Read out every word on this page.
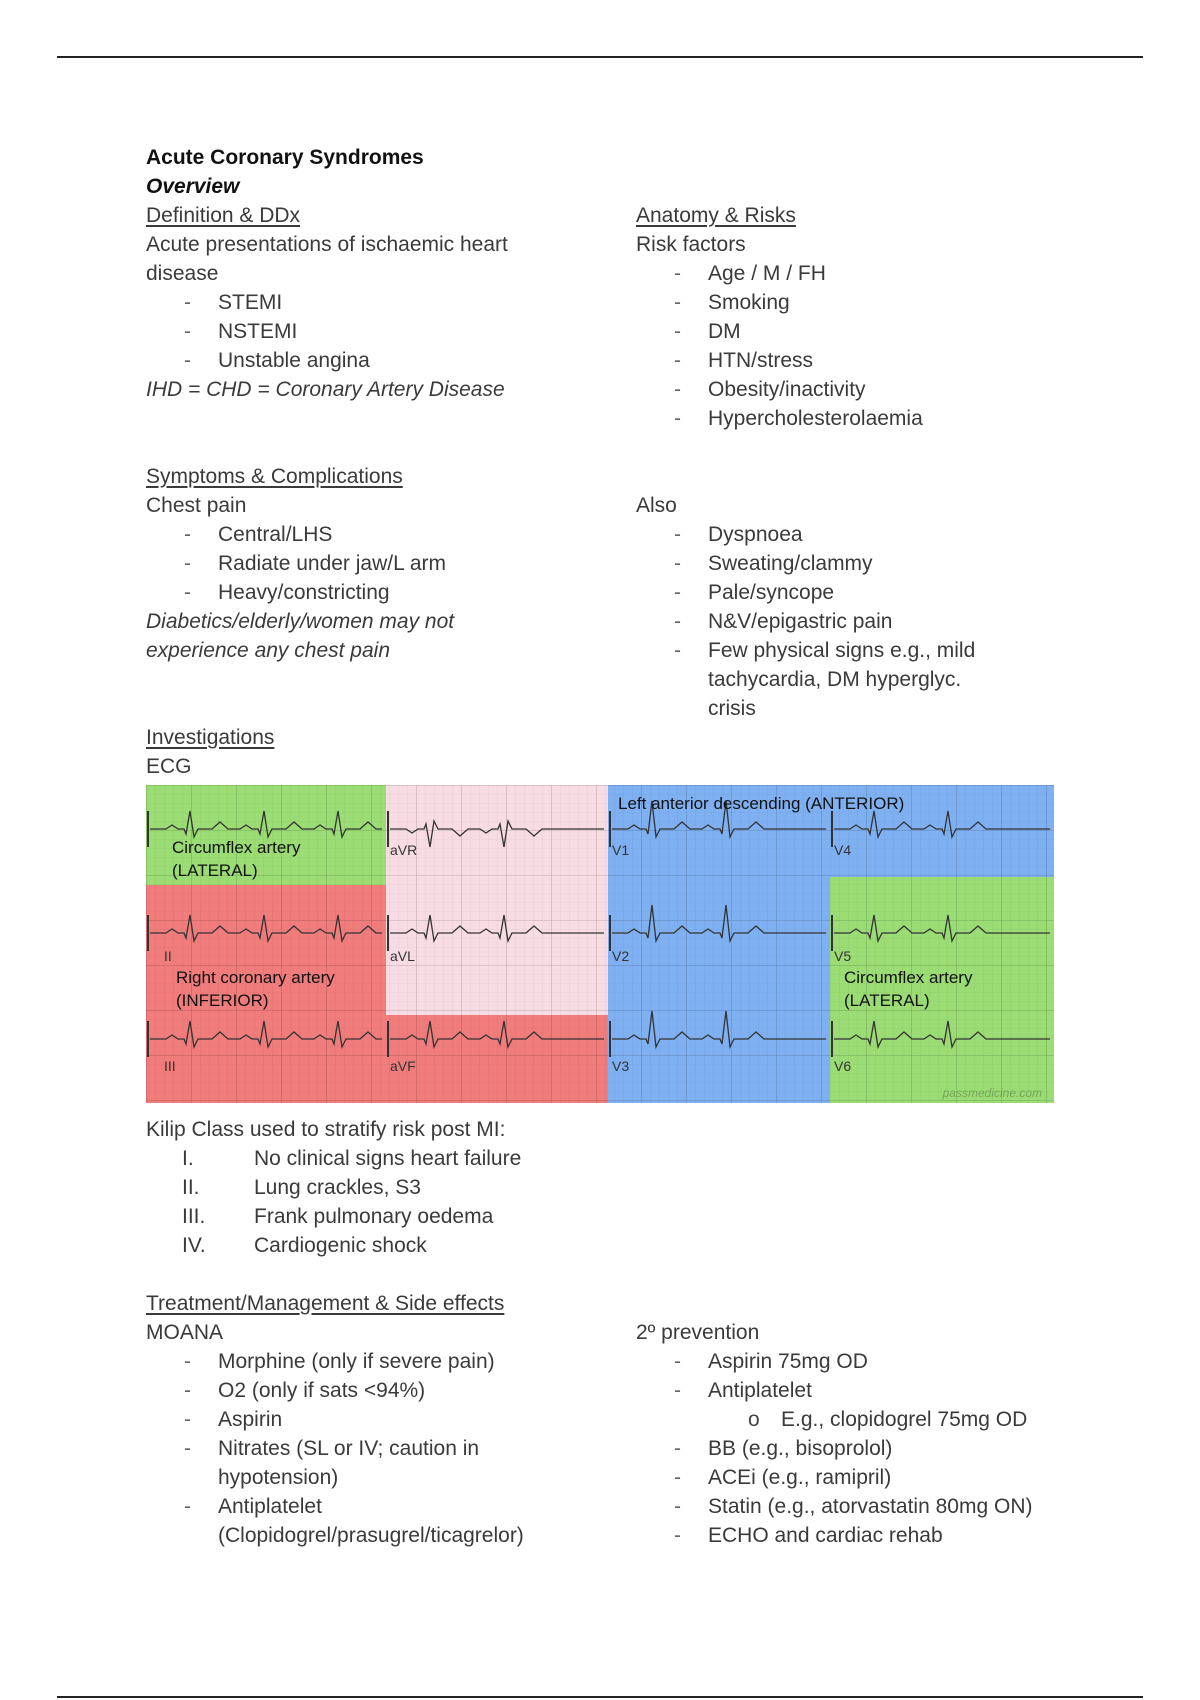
Acute Coronary Syndromes
Overview
Definition & DDx
Acute presentations of ischaemic heart disease
- STEMI
- NSTEMI
- Unstable angina
IHD = CHD = Coronary Artery Disease
Anatomy & Risks
Risk factors
- Age / M / FH
- Smoking
- DM
- HTN/stress
- Obesity/inactivity
- Hypercholesterolaemia
Symptoms & Complications
Chest pain
- Central/LHS
- Radiate under jaw/L arm
- Heavy/constricting
Diabetics/elderly/women may not experience any chest pain
Also
- Dyspnoea
- Sweating/clammy
- Pale/syncope
- N&V/epigastric pain
- Few physical signs e.g., mild tachycardia, DM hyperglyc. crisis
Investigations
ECG
Circumflex artery
(LATERAL)
Right coronary artery
(INFERIOR)
Left anterior descending (ANTERIOR)
Circumflex artery
(LATERAL)
II
III
aVR
aVL
aVF
V1
V2
V3
V4
V5
V6
passmedicine.com
Kilip Class used to stratify risk post MI:
I.	No clinical signs heart failure
II.	Lung crackles, S3
III. Frank pulmonary oedema
IV. Cardiogenic shock
Treatment/Management & Side effects
MOANA
- Morphine (only if severe pain)
- O2 (only if sats <94%)
- Aspirin
- Nitrates (SL or IV; caution in hypotension)
- Antiplatelet (Clopidogrel/prasugrel/ticagrelor)
2º prevention
- Aspirin 75mg OD
- Antiplatelet
o E.g., clopidogrel 75mg OD
- BB (e.g., bisoprolol)
- ACEi (e.g., ramipril)
- Statin (e.g., atorvastatin 80mg ON)
- ECHO and cardiac rehab
